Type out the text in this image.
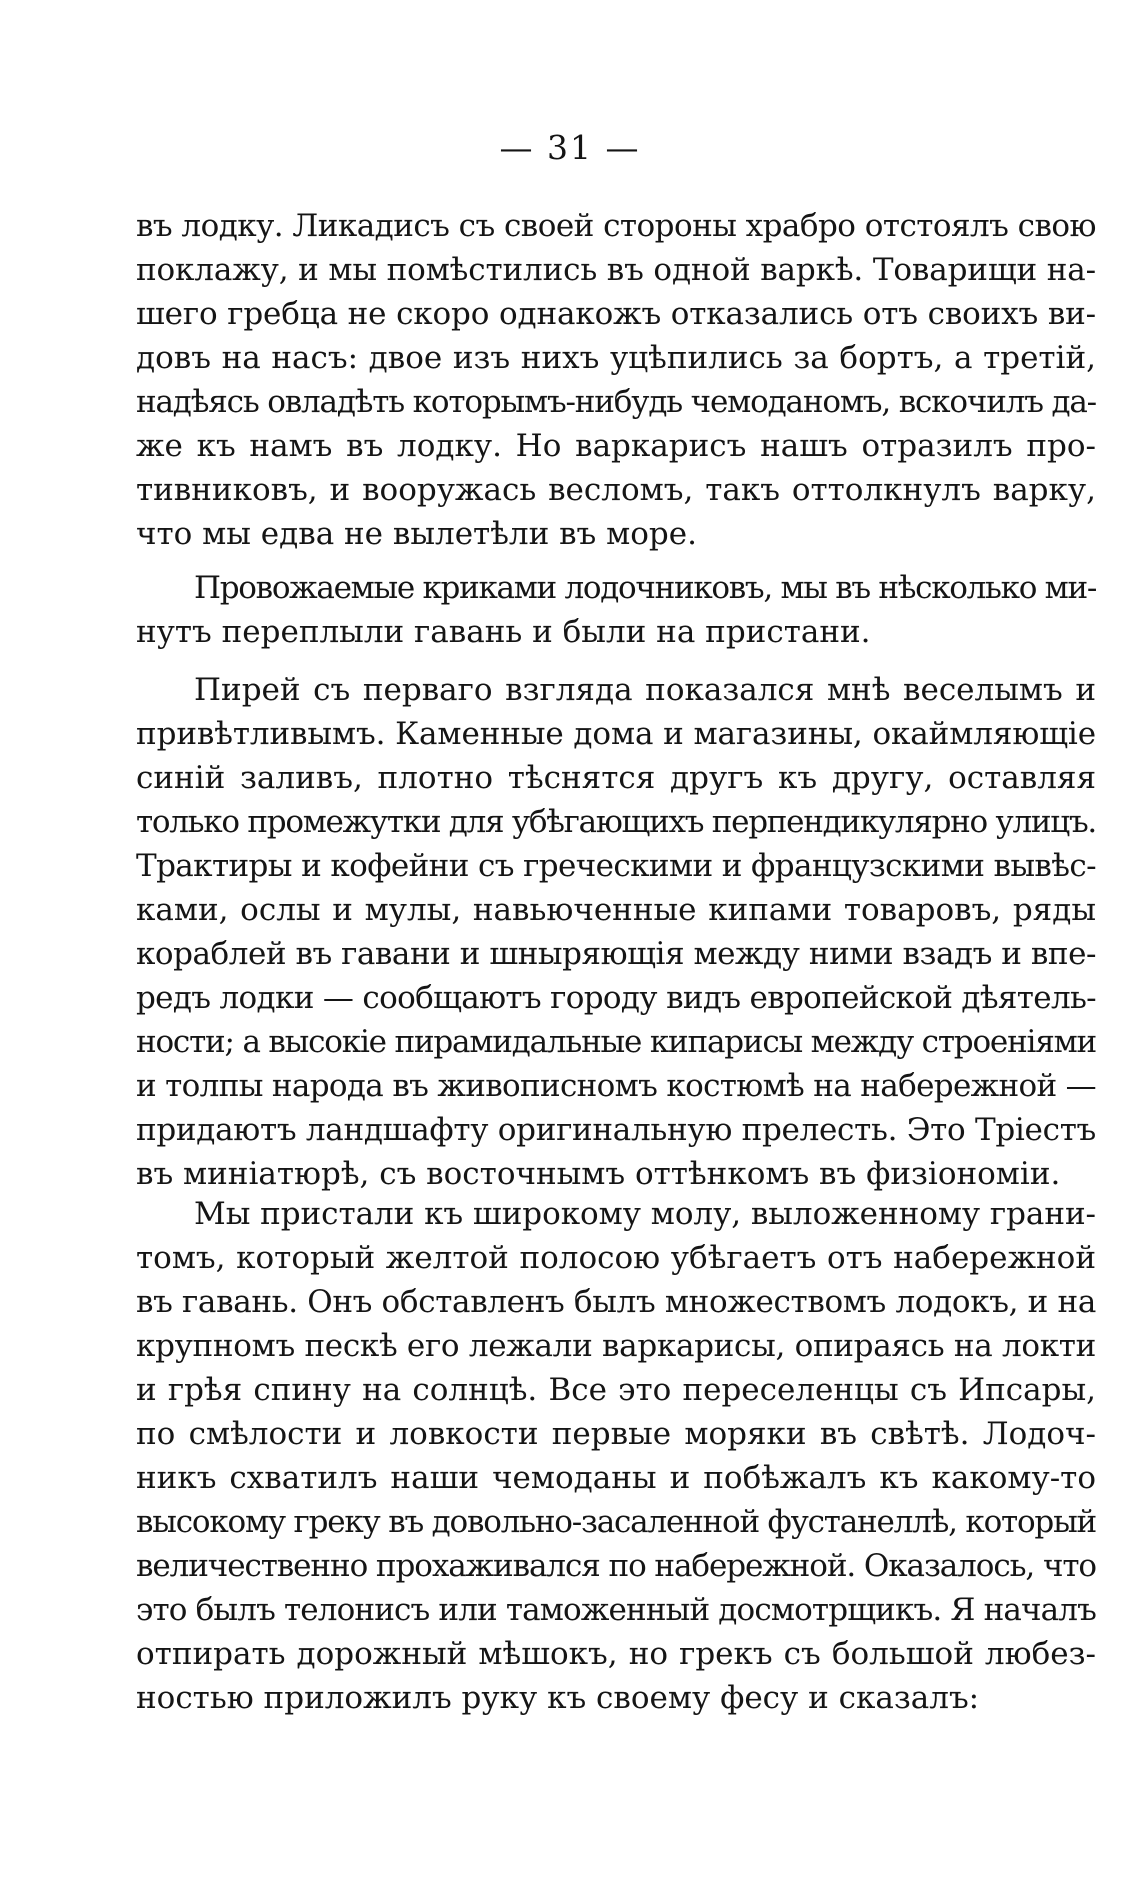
— 31 —
въ лодку. Ликадисъ съ своей стороны храбро отстоялъ свою
поклажу, и мы помѣстились въ одной варкѣ. Товарищи на-
шего гребца не скоро однакожъ отказались отъ своихъ ви-
довъ на насъ: двое изъ нихъ уцѣпились за бортъ, а третій,
надѣясь овладѣть которымъ-нибудь чемоданомъ, вскочилъ да-
же къ намъ въ лодку. Но варкарисъ нашъ отразилъ про-
тивниковъ, и вооружась весломъ, такъ оттолкнулъ варку,
что мы едва не вылетѣли въ море.
Провожаемые криками лодочниковъ, мы въ нѣсколько ми-
нутъ переплыли гавань и были на пристани.
Пирей съ перваго взгляда показался мнѣ веселымъ и
привѣтливымъ. Каменные дома и магазины, окаймляющіе
синій заливъ, плотно тѣснятся другъ къ другу, оставляя
только промежутки для убѣгающихъ перпендикулярно улицъ.
Трактиры и кофейни съ греческими и французскими вывѣс-
ками, ослы и мулы, навьюченные кипами товаровъ, ряды
кораблей въ гавани и шныряющія между ними взадъ и впе-
редъ лодки — сообщаютъ городу видъ европейской дѣятель-
ности; а высокіе пирамидальные кипарисы между строеніями
и толпы народа въ живописномъ костюмѣ на набережной —
придаютъ ландшафту оригинальную прелесть. Это Тріестъ
въ миніатюрѣ, съ восточнымъ оттѣнкомъ въ физіономіи.
Мы пристали къ широкому молу, выложенному грани-
томъ, который желтой полосою убѣгаетъ отъ набережной
въ гавань. Онъ обставленъ былъ множествомъ лодокъ, и на
крупномъ пескѣ его лежали варкарисы, опираясь на локти
и грѣя спину на солнцѣ. Все это переселенцы съ Ипсары,
по смѣлости и ловкости первые моряки въ свѣтѣ. Лодоч-
никъ схватилъ наши чемоданы и побѣжалъ къ какому-то
высокому греку въ довольно-засаленной фустанеллѣ, который
величественно прохаживался по набережной. Оказалось, что
это былъ телонисъ или таможенный досмотрщикъ. Я началъ
отпирать дорожный мѣшокъ, но грекъ съ большой любез-
ностью приложилъ руку къ своему фесу и сказалъ:
